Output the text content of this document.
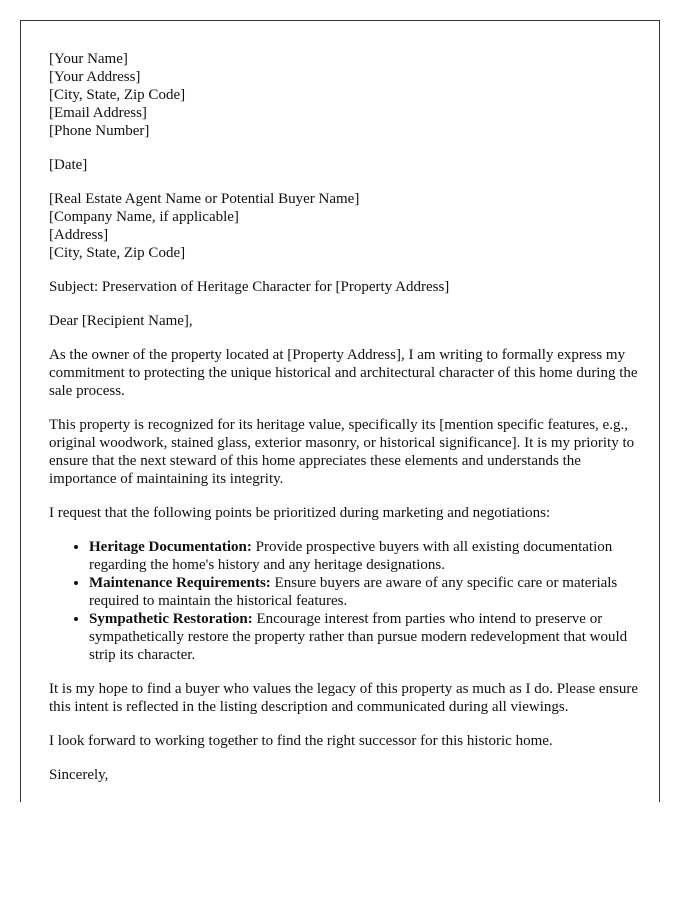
[Your Name]
[Your Address]
[City, State, Zip Code]
[Email Address]
[Phone Number]

[Date]

[Real Estate Agent Name or Potential Buyer Name]
[Company Name, if applicable]
[Address]
[City, State, Zip Code]

Subject: Preservation of Heritage Character for [Property Address]

Dear [Recipient Name],

As the owner of the property located at [Property Address], I am writing to formally express my commitment to protecting the unique historical and architectural character of this home during the sale process.

This property is recognized for its heritage value, specifically its [mention specific features, e.g., original woodwork, stained glass, exterior masonry, or historical significance]. It is my priority to ensure that the next steward of this home appreciates these elements and understands the importance of maintaining its integrity.

I request that the following points be prioritized during marketing and negotiations:

• Heritage Documentation: Provide prospective buyers with all existing documentation regarding the home's history and any heritage designations.
• Maintenance Requirements: Ensure buyers are aware of any specific care or materials required to maintain the historical features.
• Sympathetic Restoration: Encourage interest from parties who intend to preserve or sympathetically restore the property rather than pursue modern redevelopment that would strip its character.

It is my hope to find a buyer who values the legacy of this property as much as I do. Please ensure this intent is reflected in the listing description and communicated during all viewings.

I look forward to working together to find the right successor for this historic home.

Sincerely,
